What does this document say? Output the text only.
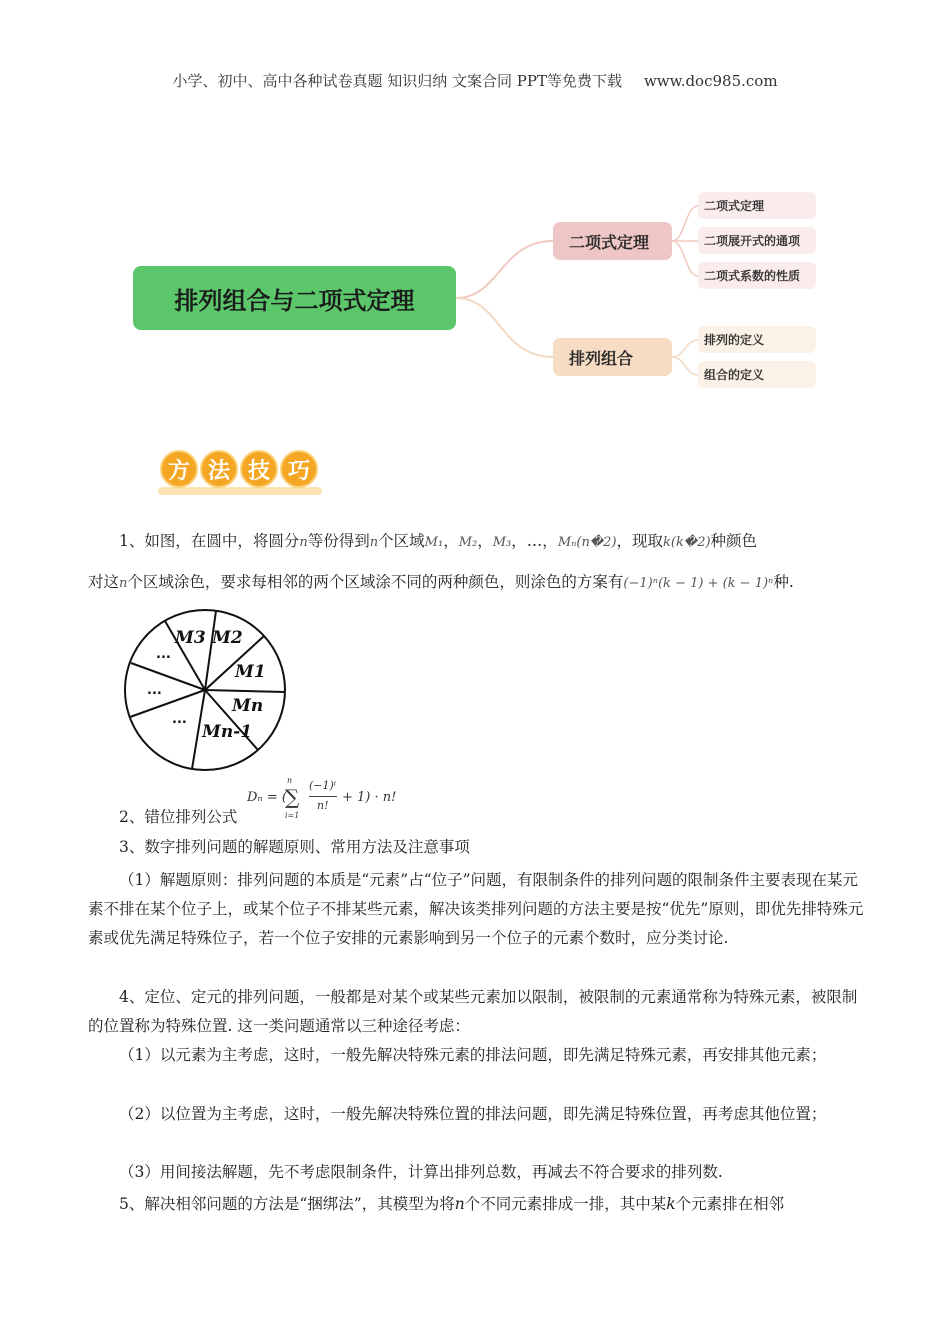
小学、初中、高中各种试卷真题 知识归纳 文案合同 PPT等免费下载 www.doc985.com
排列组合与二项式定理
二项式定理
排列组合
二项式定理
二项展开式的通项
二项式系数的性质
排列的定义
组合的定义
方 法 技 巧
1、如图，在圆中，将圆分n等份得到n个区域M₁，M₂，M₃，…，Mₙ(n�2)，现取k(k�2)种颜色
对这n个区域涂色，要求每相邻的两个区域涂不同的两种颜色，则涂色的方案有(−1)ⁿ(k − 1) + (k − 1)ⁿ种.
M3 M2
M1
Mn
Mn-1
...
...
...
2、错位排列公式
Dₙ = (
∑
n
i=1
(−1)ⁱ
n!
+ 1) · n!
3、数字排列问题的解题原则、常用方法及注意事项
（1）解题原则：排列问题的本质是“元素”占“位子”问题，有限制条件的排列问题的限制条件主要表现在某元素不排在某个位子上，或某个位子不排某些元素，解决该类排列问题的方法主要是按“优先”原则，即优先排特殊元素或优先满足特殊位子，若一个位子安排的元素影响到另一个位子的元素个数时，应分类讨论.
4、定位、定元的排列问题，一般都是对某个或某些元素加以限制，被限制的元素通常称为特殊元素，被限制的位置称为特殊位置. 这一类问题通常以三种途径考虑：
（1）以元素为主考虑，这时，一般先解决特殊元素的排法问题，即先满足特殊元素，再安排其他元素；
（2）以位置为主考虑，这时，一般先解决特殊位置的排法问题，即先满足特殊位置，再考虑其他位置；
（3）用间接法解题，先不考虑限制条件，计算出排列总数，再减去不符合要求的排列数.
5、解决相邻问题的方法是“捆绑法”，其模型为将n个不同元素排成一排，其中某k个元素排在相邻
